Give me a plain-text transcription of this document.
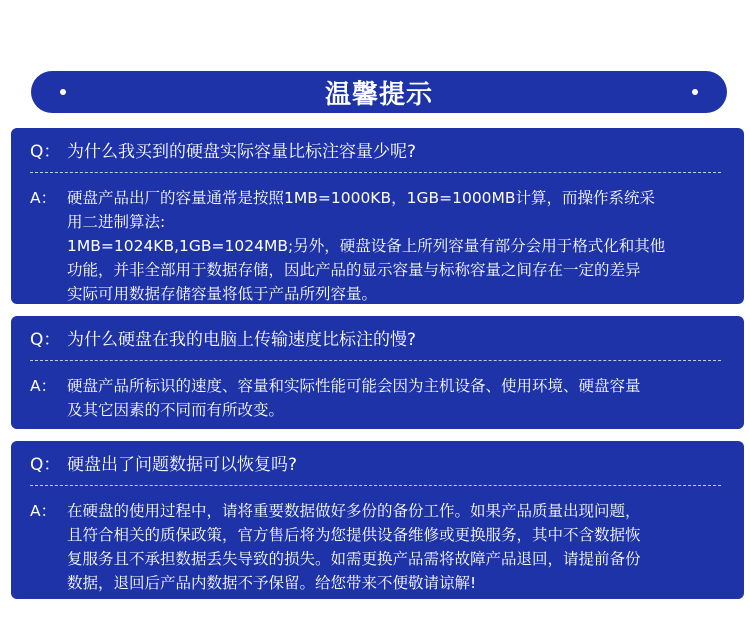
温馨提示
Q： 为什么我买到的硬盘实际容量比标注容量少呢?
A： 硬盘产品出厂的容量通常是按照1MB=1000KB，1GB=1000MB计算，而操作系统采
用二进制算法:
1MB=1024KB,1GB=1024MB;另外，硬盘设备上所列容量有部分会用于格式化和其他
功能，并非全部用于数据存储，因此产品的显示容量与标称容量之间存在一定的差异
实际可用数据存储容量将低于产品所列容量。
Q： 为什么硬盘在我的电脑上传输速度比标注的慢?
A： 硬盘产品所标识的速度、容量和实际性能可能会因为主机设备、使用环境、硬盘容量
及其它因素的不同而有所改变。
Q： 硬盘出了问题数据可以恢复吗?
A： 在硬盘的使用过程中，请将重要数据做好多份的备份工作。如果产品质量出现问题，
且符合相关的质保政策，官方售后将为您提供设备维修或更换服务，其中不含数据恢
复服务且不承担数据丢失导致的损失。如需更换产品需将故障产品退回，请提前备份
数据，退回后产品内数据不予保留。给您带来不便敬请谅解!
